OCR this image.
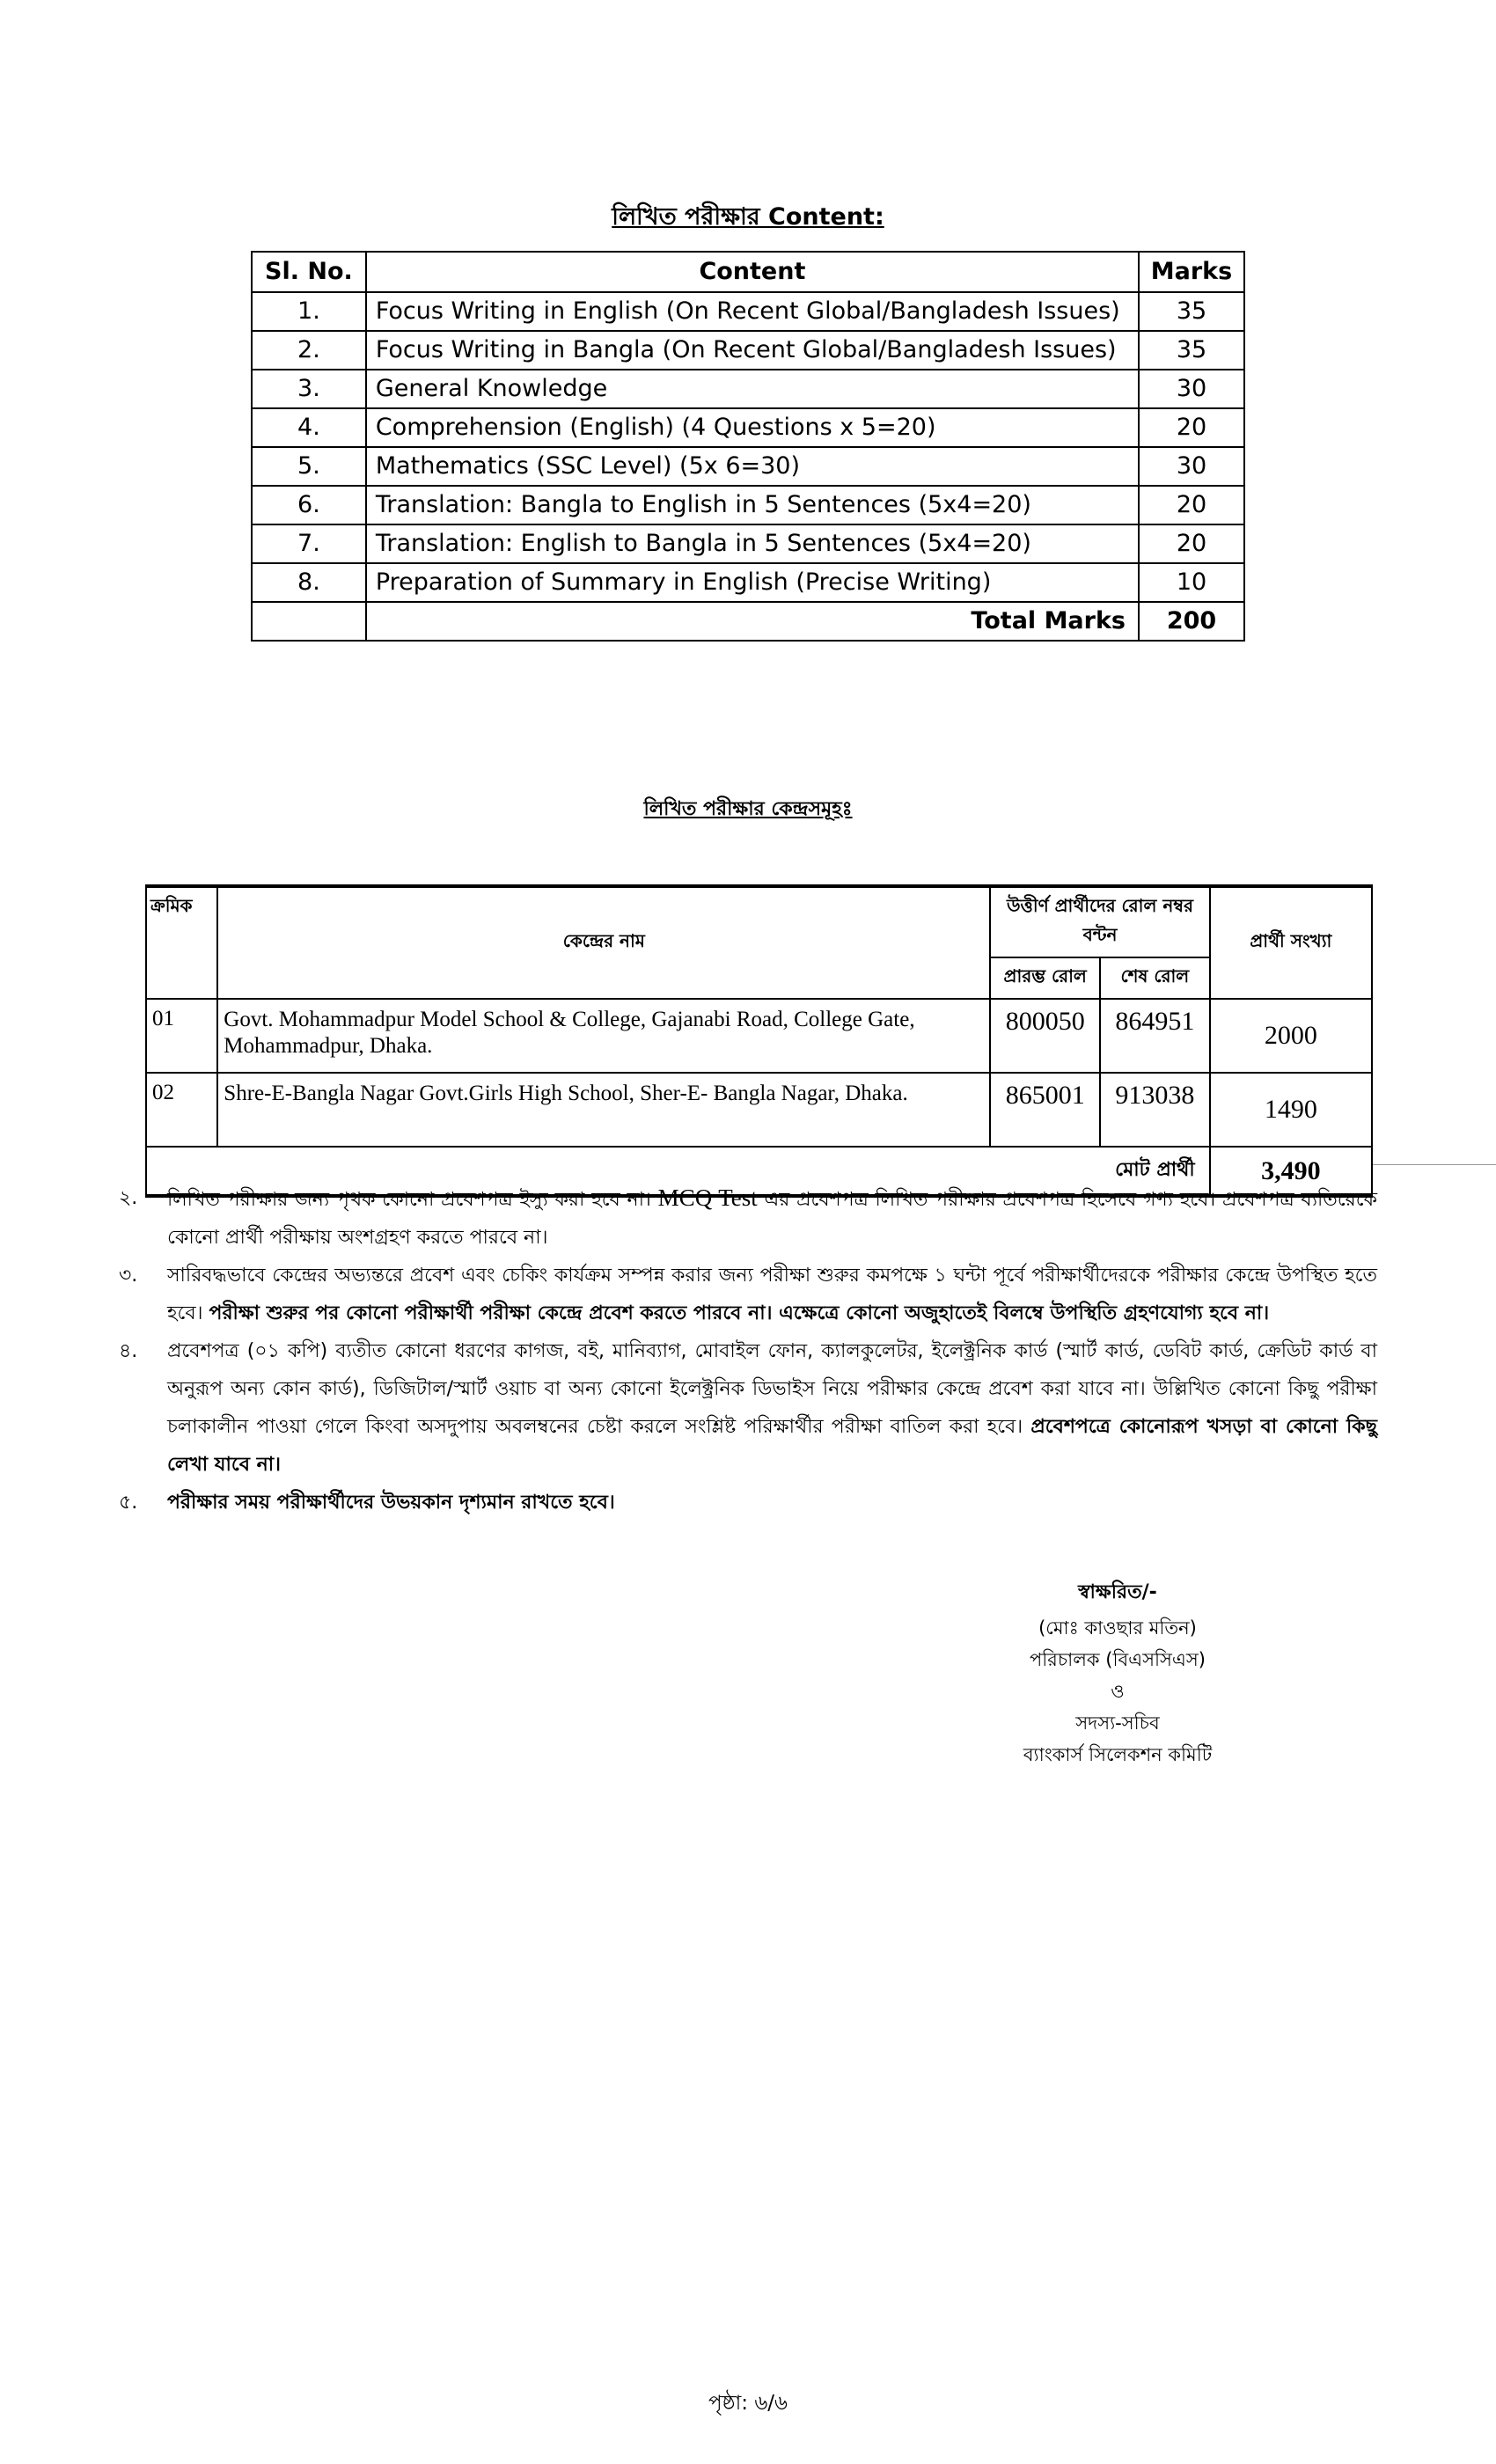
লিখিত পরীক্ষার Content:
Sl. No.	Content	Marks
1.	Focus Writing in English (On Recent Global/Bangladesh Issues)	35
2.	Focus Writing in Bangla (On Recent Global/Bangladesh Issues)	35
3.	General Knowledge	30
4.	Comprehension (English) (4 Questions x 5=20)	20
5.	Mathematics (SSC Level) (5x 6=30)	30
6.	Translation: Bangla to English in 5 Sentences (5x4=20)	20
7.	Translation: English to Bangla in 5 Sentences (5x4=20)	20
8.	Preparation of Summary in English (Precise Writing)	10
	Total Marks	200
লিখিত পরীক্ষার কেন্দ্রসমূহঃ
ক্রমিক	কেন্দ্রের নাম	উত্তীর্ণ প্রার্থীদের রোল নম্বর বন্টন		প্রার্থী সংখ্যা
		প্রারম্ভ রোল	শেষ রোল	
01	Govt. Mohammadpur Model School & College, Gajanabi Road, College Gate, Mohammadpur, Dhaka.	800050	864951	2000
02	Shre-E-Bangla Nagar Govt.Girls High School, Sher-E- Bangla Nagar, Dhaka.	865001	913038	1490
মোট প্রার্থী				3,490
২.	লিখিত পরীক্ষার জন্য পৃথক কোনো প্রবেশপত্র ইস্যু করা হবে না। MCQ Test এর প্রবেশপত্র লিখিত পরীক্ষার প্রবেশপত্র হিসেবে গণ্য হবে। প্রবেশপত্র ব্যতিরেকে কোনো প্রার্থী পরীক্ষায় অংশগ্রহণ করতে পারবে না।
৩.	সারিবদ্ধভাবে কেন্দ্রের অভ্যন্তরে প্রবেশ এবং চেকিং কার্যক্রম সম্পন্ন করার জন্য পরীক্ষা শুরুর কমপক্ষে ১ ঘন্টা পূর্বে পরীক্ষার্থীদেরকে পরীক্ষার কেন্দ্রে উপস্থিত হতে হবে। পরীক্ষা শুরুর পর কোনো পরীক্ষার্থী পরীক্ষা কেন্দ্রে প্রবেশ করতে পারবে না। এক্ষেত্রে কোনো অজুহাতেই বিলম্বে উপস্থিতি গ্রহণযোগ্য হবে না।
৪.	প্রবেশপত্র (০১ কপি) ব্যতীত কোনো ধরণের কাগজ, বই, মানিব্যাগ, মোবাইল ফোন, ক্যালকুলেটর, ইলেক্ট্রনিক কার্ড (স্মার্ট কার্ড, ডেবিট কার্ড, ক্রেডিট কার্ড বা অনুরূপ অন্য কোন কার্ড), ডিজিটাল/স্মার্ট ওয়াচ বা অন্য কোনো ইলেক্ট্রনিক ডিভাইস নিয়ে পরীক্ষার কেন্দ্রে প্রবেশ করা যাবে না। উল্লিখিত কোনো কিছু পরীক্ষা চলাকালীন পাওয়া গেলে কিংবা অসদুপায় অবলম্বনের চেষ্টা করলে সংশ্লিষ্ট পরিক্ষার্থীর পরীক্ষা বাতিল করা হবে। প্রবেশপত্রে কোনোরূপ খসড়া বা কোনো কিছু লেখা যাবে না।
৫.	পরীক্ষার সময় পরীক্ষার্থীদের উভয়কান দৃশ্যমান রাখতে হবে।
স্বাক্ষরিত/-
(মোঃ কাওছার মতিন)
পরিচালক (বিএসসিএস)
ও
সদস্য-সচিব
ব্যাংকার্স সিলেকশন কমিটি
পৃষ্ঠা: ৬/৬
